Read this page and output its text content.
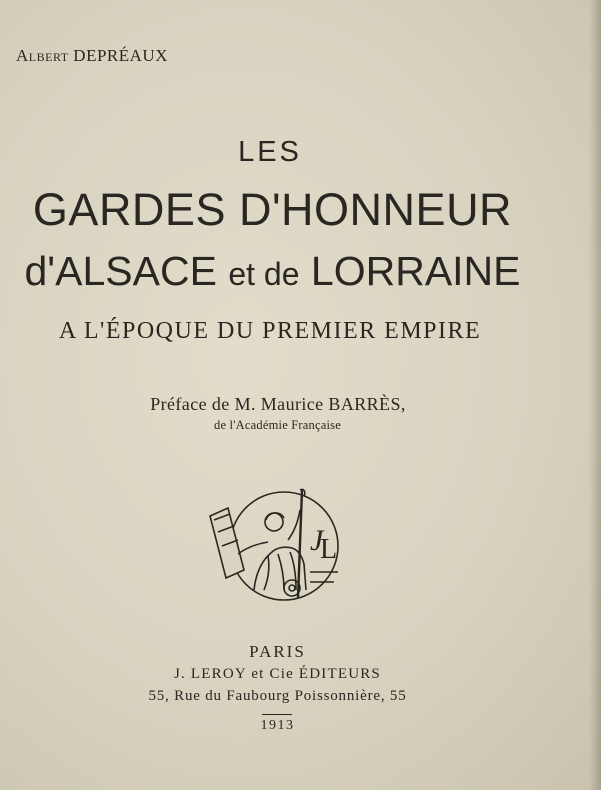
Albert DEPRÉAUX
LES
GARDES D'HONNEUR
d'ALSACE et de LORRAINE
A L'ÉPOQUE DU PREMIER EMPIRE
Préface de M. Maurice BARRÈS,
de l'Académie Française
J
L
PARIS
J. LEROY et Cie ÉDITEURS
55, Rue du Faubourg Poissonnière, 55
1913
